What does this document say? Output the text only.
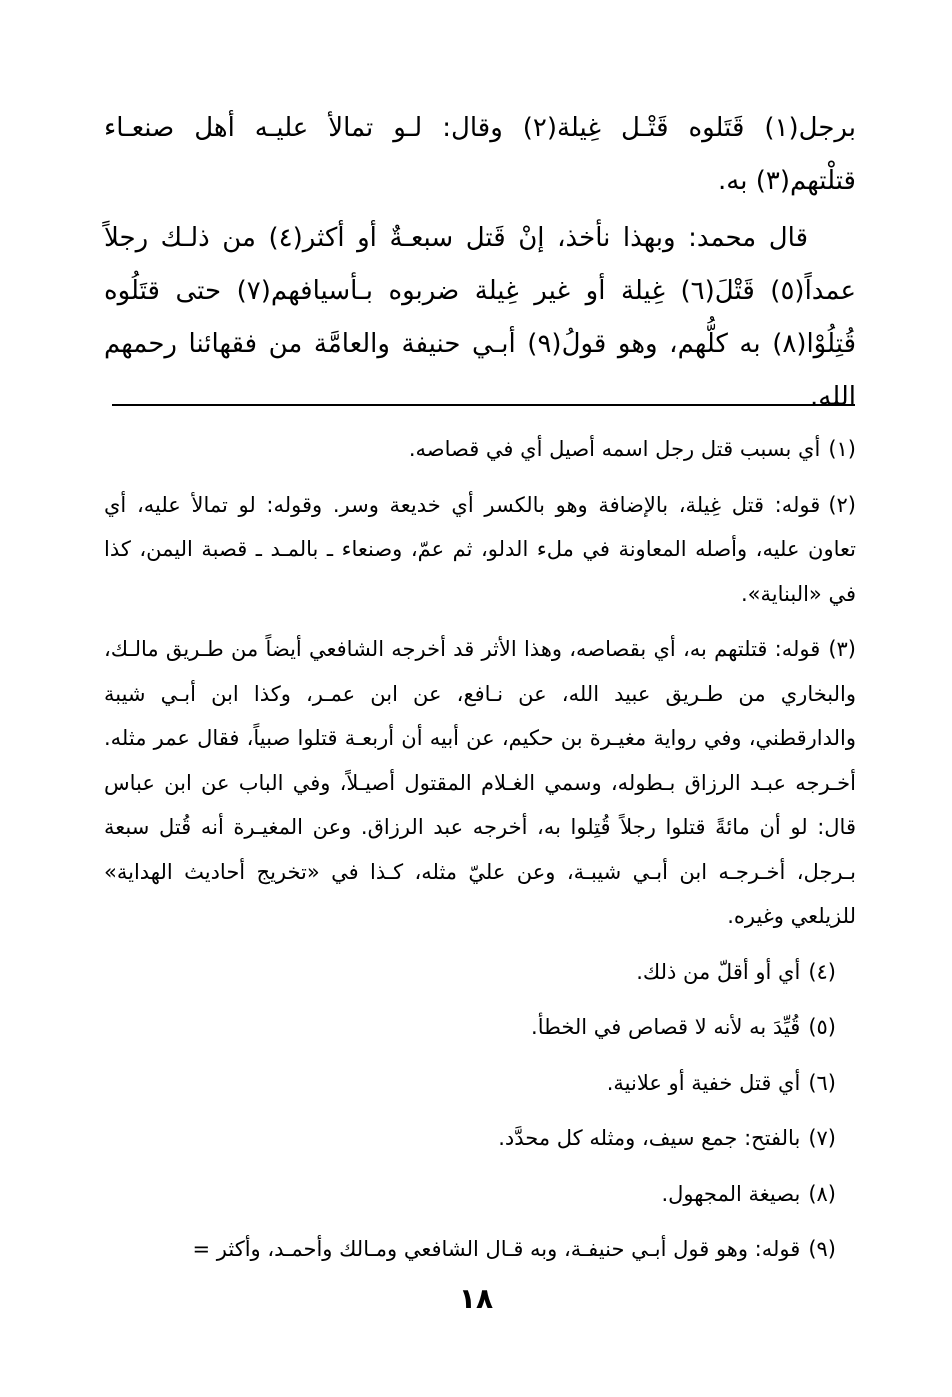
برجل(١) قَتَلوه قَتْـل غِيلة(٢) وقال: لـو تمالأ عليـه أهل صنعـاء قتلْتهم(٣) به.

قال محمد: وبهذا نأخذ، إنْ قَتل سبعـةٌ أو أكثر(٤) من ذلـك رجلاً عمداً(٥) قَتْلَ(٦) غِيلة أو غير غِيلة ضربوه بـأسيافهم(٧) حتى قتَلُوه قُتِلُوْا(٨) به كلُّهم، وهو قولُ(٩) أبـي حنيفة والعامَّة من فقهائنا رحمهم الله.

(١)أي بسبب قتل رجل اسمه أصيل أي في قصاصه.

(٢)قوله: قتل غِيلة، بالإضافة وهو بالكسر أي خديعة وسر. وقوله: لو تمالأ عليه، أي تعاون عليه، وأصله المعاونة في ملء الدلو، ثم عمّ، وصنعاء ـ بالمـد ـ قصبة اليمن، كذا في «البناية».

(٣)قوله: قتلتهم به، أي بقصاصه، وهذا الأثر قد أخرجه الشافعي أيضاً من طـريق مالـك، والبخاري من طـريق عبيد الله، عن نـافع، عن ابن عمـر، وكذا ابن أبـي شيبة والدارقطني، وفي رواية مغيـرة بن حكيم، عن أبيه أن أربعـة قتلوا صبياً، فقال عمر مثله. أخـرجه عبـد الرزاق بـطوله، وسمي الغـلام المقتول أصيـلاً، وفي الباب عن ابن عباس قال: لو أن مائةً قتلوا رجلاً قُتِلوا به، أخرجه عبد الرزاق. وعن المغيـرة أنه قُتل سبعة بـرجل، أخـرجـه ابن أبـي شيبـة، وعن عليّ مثله، كـذا في «تخريج أحاديث الهداية» للزيلعي وغيره.

(٤)أي أو أقلّ من ذلك.

(٥)قُيِّدَ به لأنه لا قصاص في الخطأ.

(٦)أي قتل خفية أو علانية.

(٧)بالفتح: جمع سيف، ومثله كل محدَّد.

(٨)بصيغة المجهول.

(٩)قوله: وهو قول أبـي حنيفـة، وبه قـال الشافعي ومـالك وأحمـد، وأكثر =

١٨
